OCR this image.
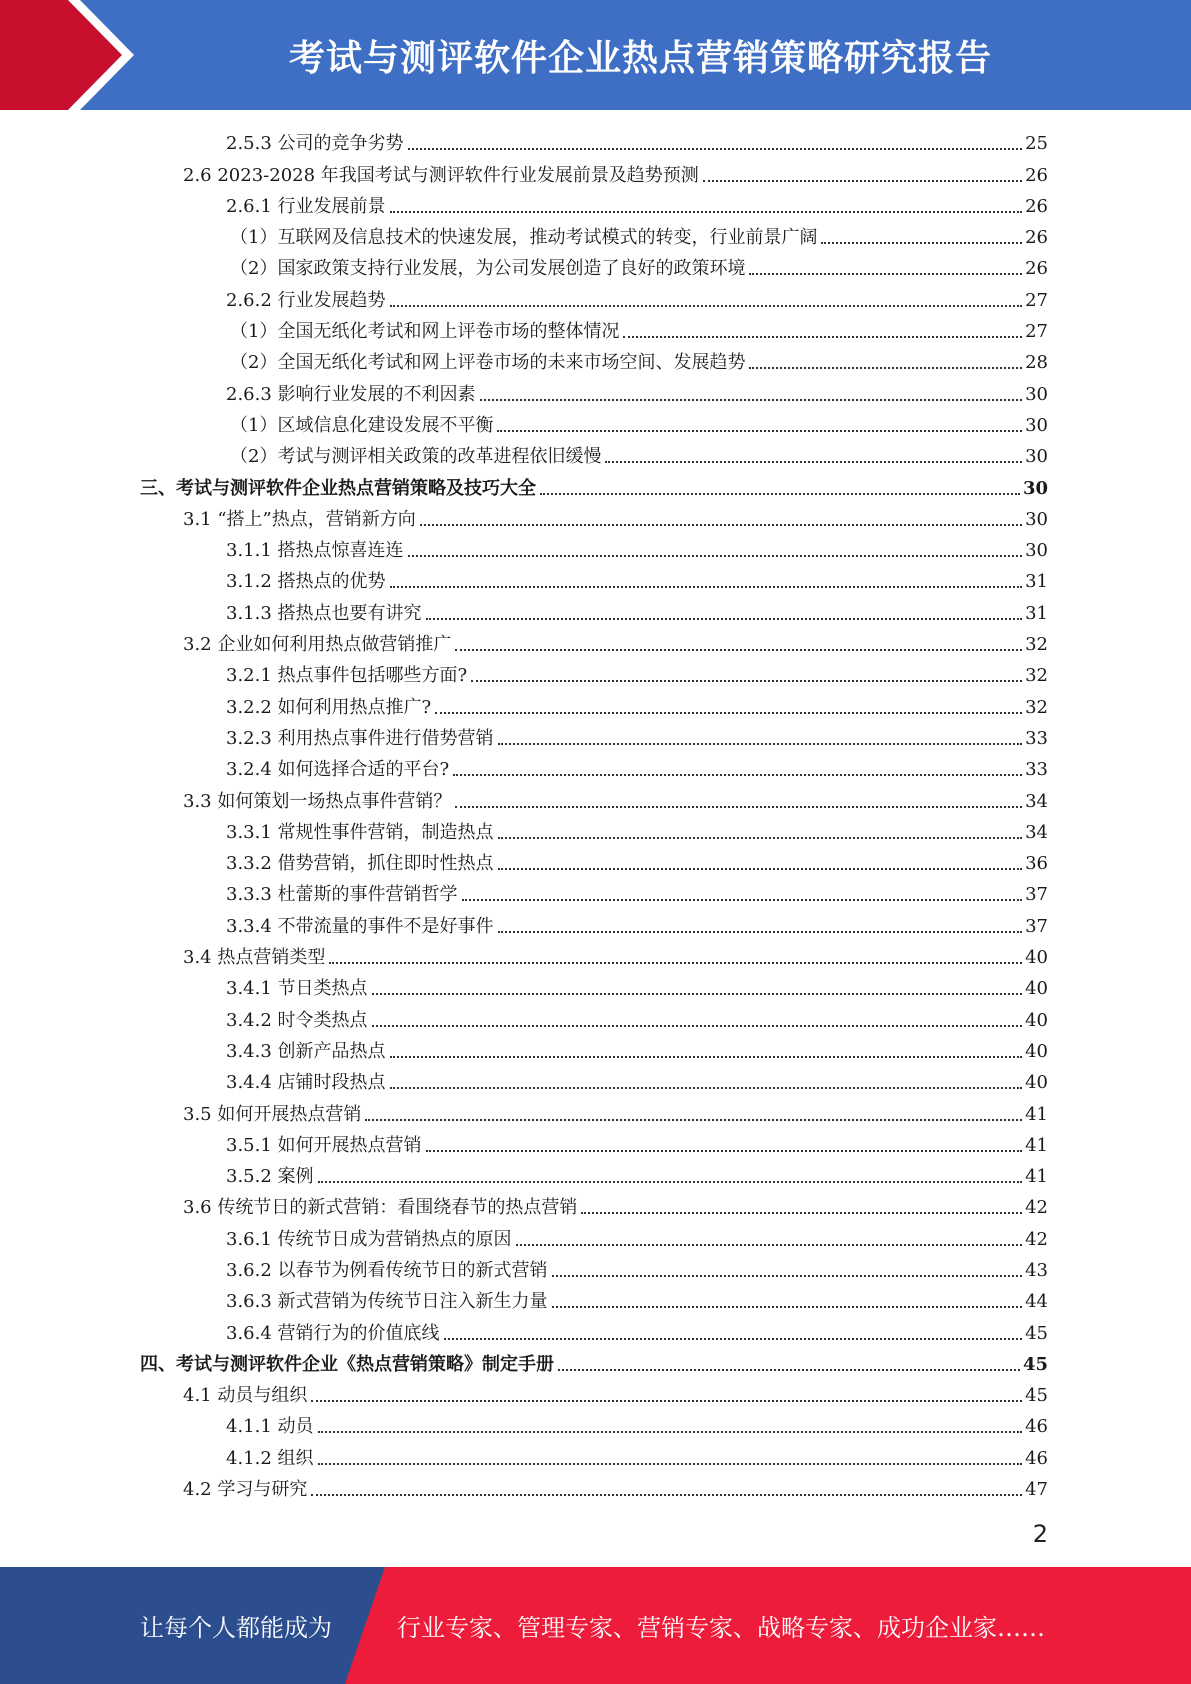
考试与测评软件企业热点营销策略研究报告
2.5.3 公司的竞争劣势	25
2.6 2023-2028 年我国考试与测评软件行业发展前景及趋势预测	26
2.6.1 行业发展前景	26
（1）互联网及信息技术的快速发展，推动考试模式的转变，行业前景广阔	26
（2）国家政策支持行业发展，为公司发展创造了良好的政策环境	26
2.6.2 行业发展趋势	27
（1）全国无纸化考试和网上评卷市场的整体情况	27
（2）全国无纸化考试和网上评卷市场的未来市场空间、发展趋势	28
2.6.3 影响行业发展的不利因素	30
（1）区域信息化建设发展不平衡	30
（2）考试与测评相关政策的改革进程依旧缓慢	30
三、考试与测评软件企业热点营销策略及技巧大全	30
3.1 “搭上”热点，营销新方向	30
3.1.1 搭热点惊喜连连	30
3.1.2 搭热点的优势	31
3.1.3 搭热点也要有讲究	31
3.2 企业如何利用热点做营销推广	32
3.2.1 热点事件包括哪些方面?	32
3.2.2 如何利用热点推广?	32
3.2.3 利用热点事件进行借势营销	33
3.2.4 如何选择合适的平台?	33
3.3 如何策划一场热点事件营销？	34
3.3.1 常规性事件营销，制造热点	34
3.3.2 借势营销，抓住即时性热点	36
3.3.3 杜蕾斯的事件营销哲学	37
3.3.4 不带流量的事件不是好事件	37
3.4 热点营销类型	40
3.4.1 节日类热点	40
3.4.2 时令类热点	40
3.4.3 创新产品热点	40
3.4.4 店铺时段热点	40
3.5 如何开展热点营销	41
3.5.1 如何开展热点营销	41
3.5.2 案例	41
3.6 传统节日的新式营销：看围绕春节的热点营销	42
3.6.1 传统节日成为营销热点的原因	42
3.6.2 以春节为例看传统节日的新式营销	43
3.6.3 新式营销为传统节日注入新生力量	44
3.6.4 营销行为的价值底线	45
四、考试与测评软件企业《热点营销策略》制定手册	45
4.1 动员与组织	45
4.1.1 动员	46
4.1.2 组织	46
4.2 学习与研究	47
2
让每个人都能成为	行业专家、管理专家、营销专家、战略专家、成功企业家……
